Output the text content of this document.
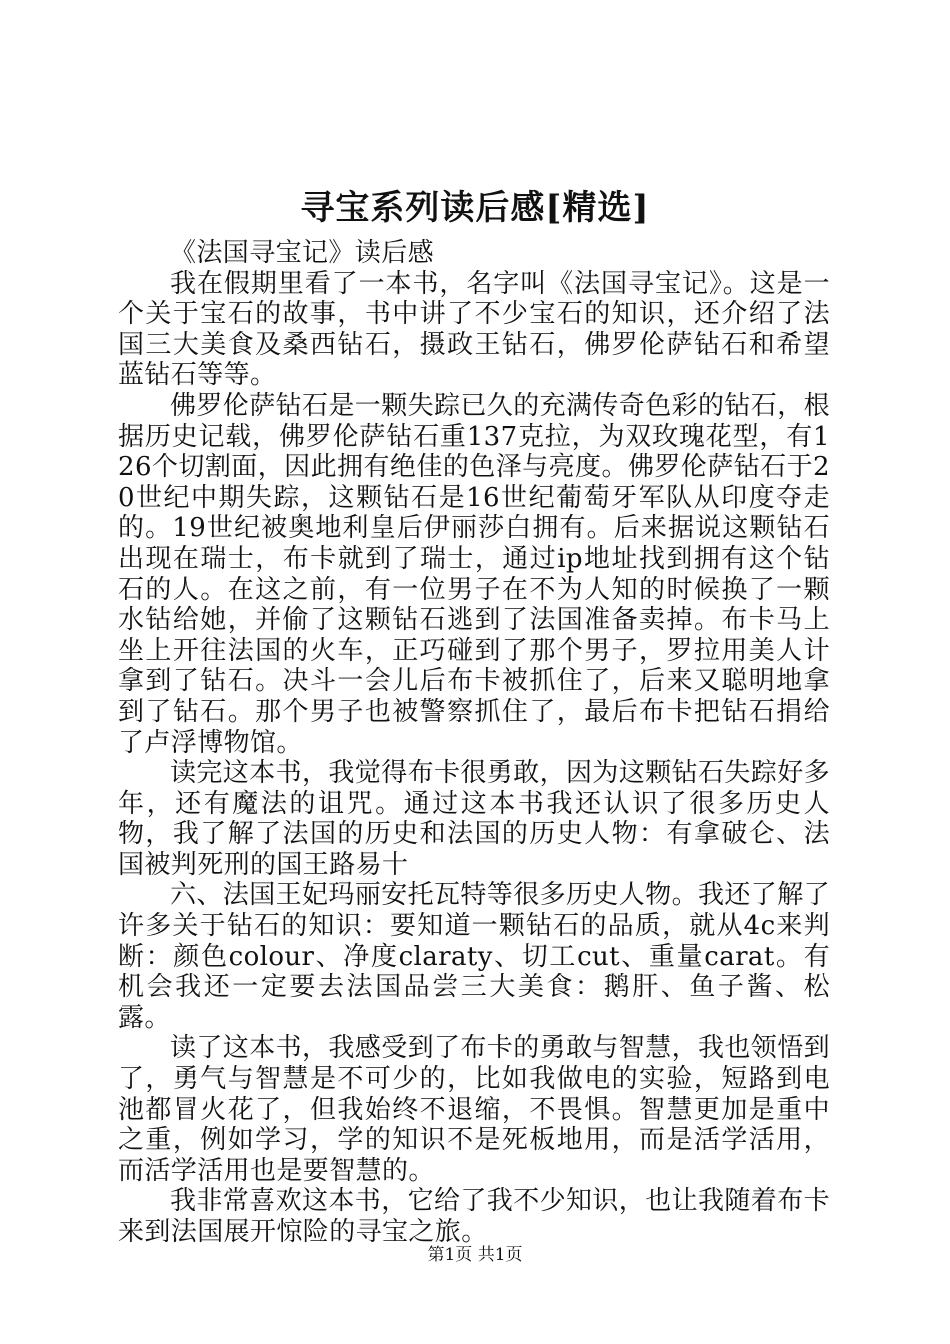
寻宝系列读后感[精选]

《法国寻宝记》读后感

我在假期里看了一本书，名字叫《法国寻宝记》。这是一个关于宝石的故事，书中讲了不少宝石的知识，还介绍了法国三大美食及桑西钻石，摄政王钻石，佛罗伦萨钻石和希望蓝钻石等等。

佛罗伦萨钻石是一颗失踪已久的充满传奇色彩的钻石，根据历史记载，佛罗伦萨钻石重137克拉，为双玫瑰花型，有126个切割面，因此拥有绝佳的色泽与亮度。佛罗伦萨钻石于20世纪中期失踪，这颗钻石是16世纪葡萄牙军队从印度夺走的。19世纪被奥地利皇后伊丽莎白拥有。后来据说这颗钻石出现在瑞士，布卡就到了瑞士，通过ip地址找到拥有这个钻石的人。在这之前，有一位男子在不为人知的时候换了一颗水钻给她，并偷了这颗钻石逃到了法国准备卖掉。布卡马上坐上开往法国的火车，正巧碰到了那个男子，罗拉用美人计拿到了钻石。决斗一会儿后布卡被抓住了，后来又聪明地拿到了钻石。那个男子也被警察抓住了，最后布卡把钻石捐给了卢浮博物馆。

读完这本书，我觉得布卡很勇敢，因为这颗钻石失踪好多年，还有魔法的诅咒。通过这本书我还认识了很多历史人物，我了解了法国的历史和法国的历史人物：有拿破仑、法国被判死刑的国王路易十

六、法国王妃玛丽安托瓦特等很多历史人物。我还了解了许多关于钻石的知识：要知道一颗钻石的品质，就从4c来判断：颜色colour、净度claraty、切工cut、重量carat。有机会我还一定要去法国品尝三大美食：鹅肝、鱼子酱、松露。

读了这本书，我感受到了布卡的勇敢与智慧，我也领悟到了，勇气与智慧是不可少的，比如我做电的实验，短路到电池都冒火花了，但我始终不退缩，不畏惧。智慧更加是重中之重，例如学习，学的知识不是死板地用，而是活学活用，而活学活用也是要智慧的。

我非常喜欢这本书，它给了我不少知识，也让我随着布卡来到法国展开惊险的寻宝之旅。

第1页 共1页
